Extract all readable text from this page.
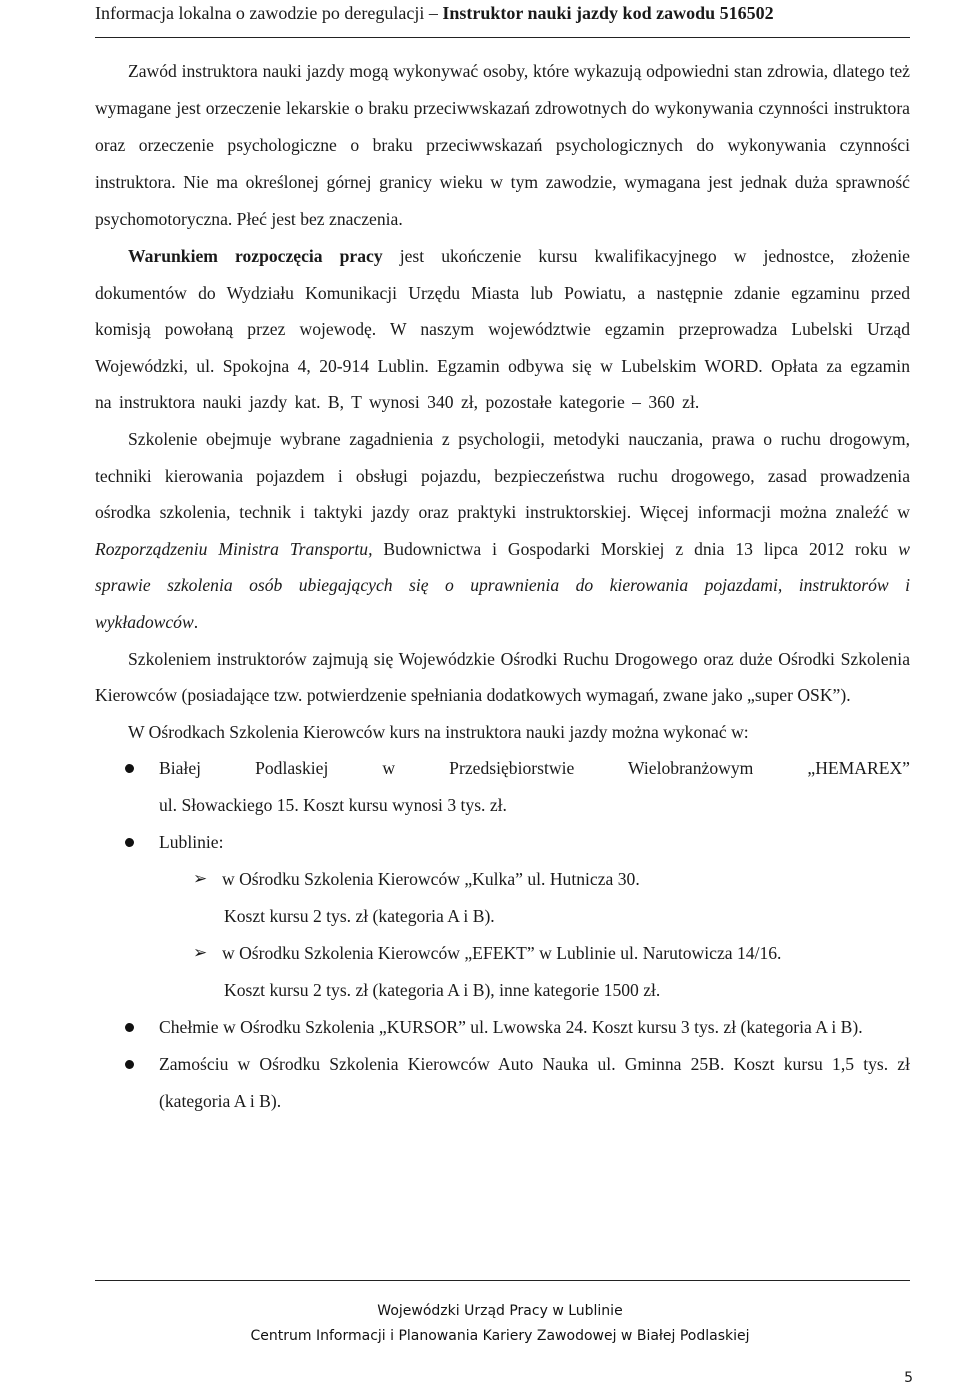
Informacja lokalna o zawodzie po deregulacji – Instruktor nauki jazdy kod zawodu 516502

Zawód instruktora nauki jazdy mogą wykonywać osoby, które wykazują odpowiedni stan zdrowia, dlatego też wymagane jest orzeczenie lekarskie o braku przeciwwskazań zdrowotnych do wykonywania czynności instruktora oraz orzeczenie psychologiczne o braku przeciwwskazań psychologicznych do wykonywania czynności instruktora. Nie ma określonej górnej granicy wieku w tym zawodzie, wymagana jest jednak duża sprawność psychomotoryczna. Płeć jest bez znaczenia.

Warunkiem rozpoczęcia pracy jest ukończenie kursu kwalifikacyjnego w jednostce, złożenie dokumentów do Wydziału Komunikacji Urzędu Miasta lub Powiatu, a następnie zdanie egzaminu przed komisją powołaną przez wojewodę. W naszym województwie egzamin przeprowadza Lubelski Urząd Wojewódzki, ul. Spokojna 4, 20-914 Lublin. Egzamin odbywa się w Lubelskim WORD. Opłata za egzamin na instruktora nauki jazdy kat. B, T wynosi 340 zł, pozostałe kategorie – 360 zł.

Szkolenie obejmuje wybrane zagadnienia z psychologii, metodyki nauczania, prawa o ruchu drogowym, techniki kierowania pojazdem i obsługi pojazdu, bezpieczeństwa ruchu drogowego, zasad prowadzenia ośrodka szkolenia, technik i taktyki jazdy oraz praktyki instruktorskiej. Więcej informacji można znaleźć w Rozporządzeniu Ministra Transportu, Budownictwa i Gospodarki Morskiej z dnia 13 lipca 2012 roku w sprawie szkolenia osób ubiegających się o uprawnienia do kierowania pojazdami, instruktorów i wykładowców.

Szkoleniem instruktorów zajmują się Wojewódzkie Ośrodki Ruchu Drogowego oraz duże Ośrodki Szkolenia Kierowców (posiadające tzw. potwierdzenie spełniania dodatkowych wymagań, zwane jako „super OSK”).

W Ośrodkach Szkolenia Kierowców kurs na instruktora nauki jazdy można wykonać w:

Białej Podlaskiej w Przedsiębiorstwie Wielobranżowym „HEMAREX”
ul. Słowackiego 15. Koszt kursu wynosi 3 tys. zł.
Lublinie:
➢ w Ośrodku Szkolenia Kierowców „Kulka” ul. Hutnicza 30.
Koszt kursu 2 tys. zł (kategoria A i B).
➢ w Ośrodku Szkolenia Kierowców „EFEKT” w Lublinie ul. Narutowicza 14/16.
Koszt kursu 2 tys. zł (kategoria A i B), inne kategorie 1500 zł.
Chełmie w Ośrodku Szkolenia „KURSOR” ul. Lwowska 24. Koszt kursu 3 tys. zł (kategoria A i B).
Zamościu w Ośrodku Szkolenia Kierowców Auto Nauka ul. Gminna 25B. Koszt kursu 1,5 tys. zł (kategoria A i B).
Wojewódzki Urząd Pracy w Lublinie
Centrum Informacji i Planowania Kariery Zawodowej w Białej Podlaskiej
5
